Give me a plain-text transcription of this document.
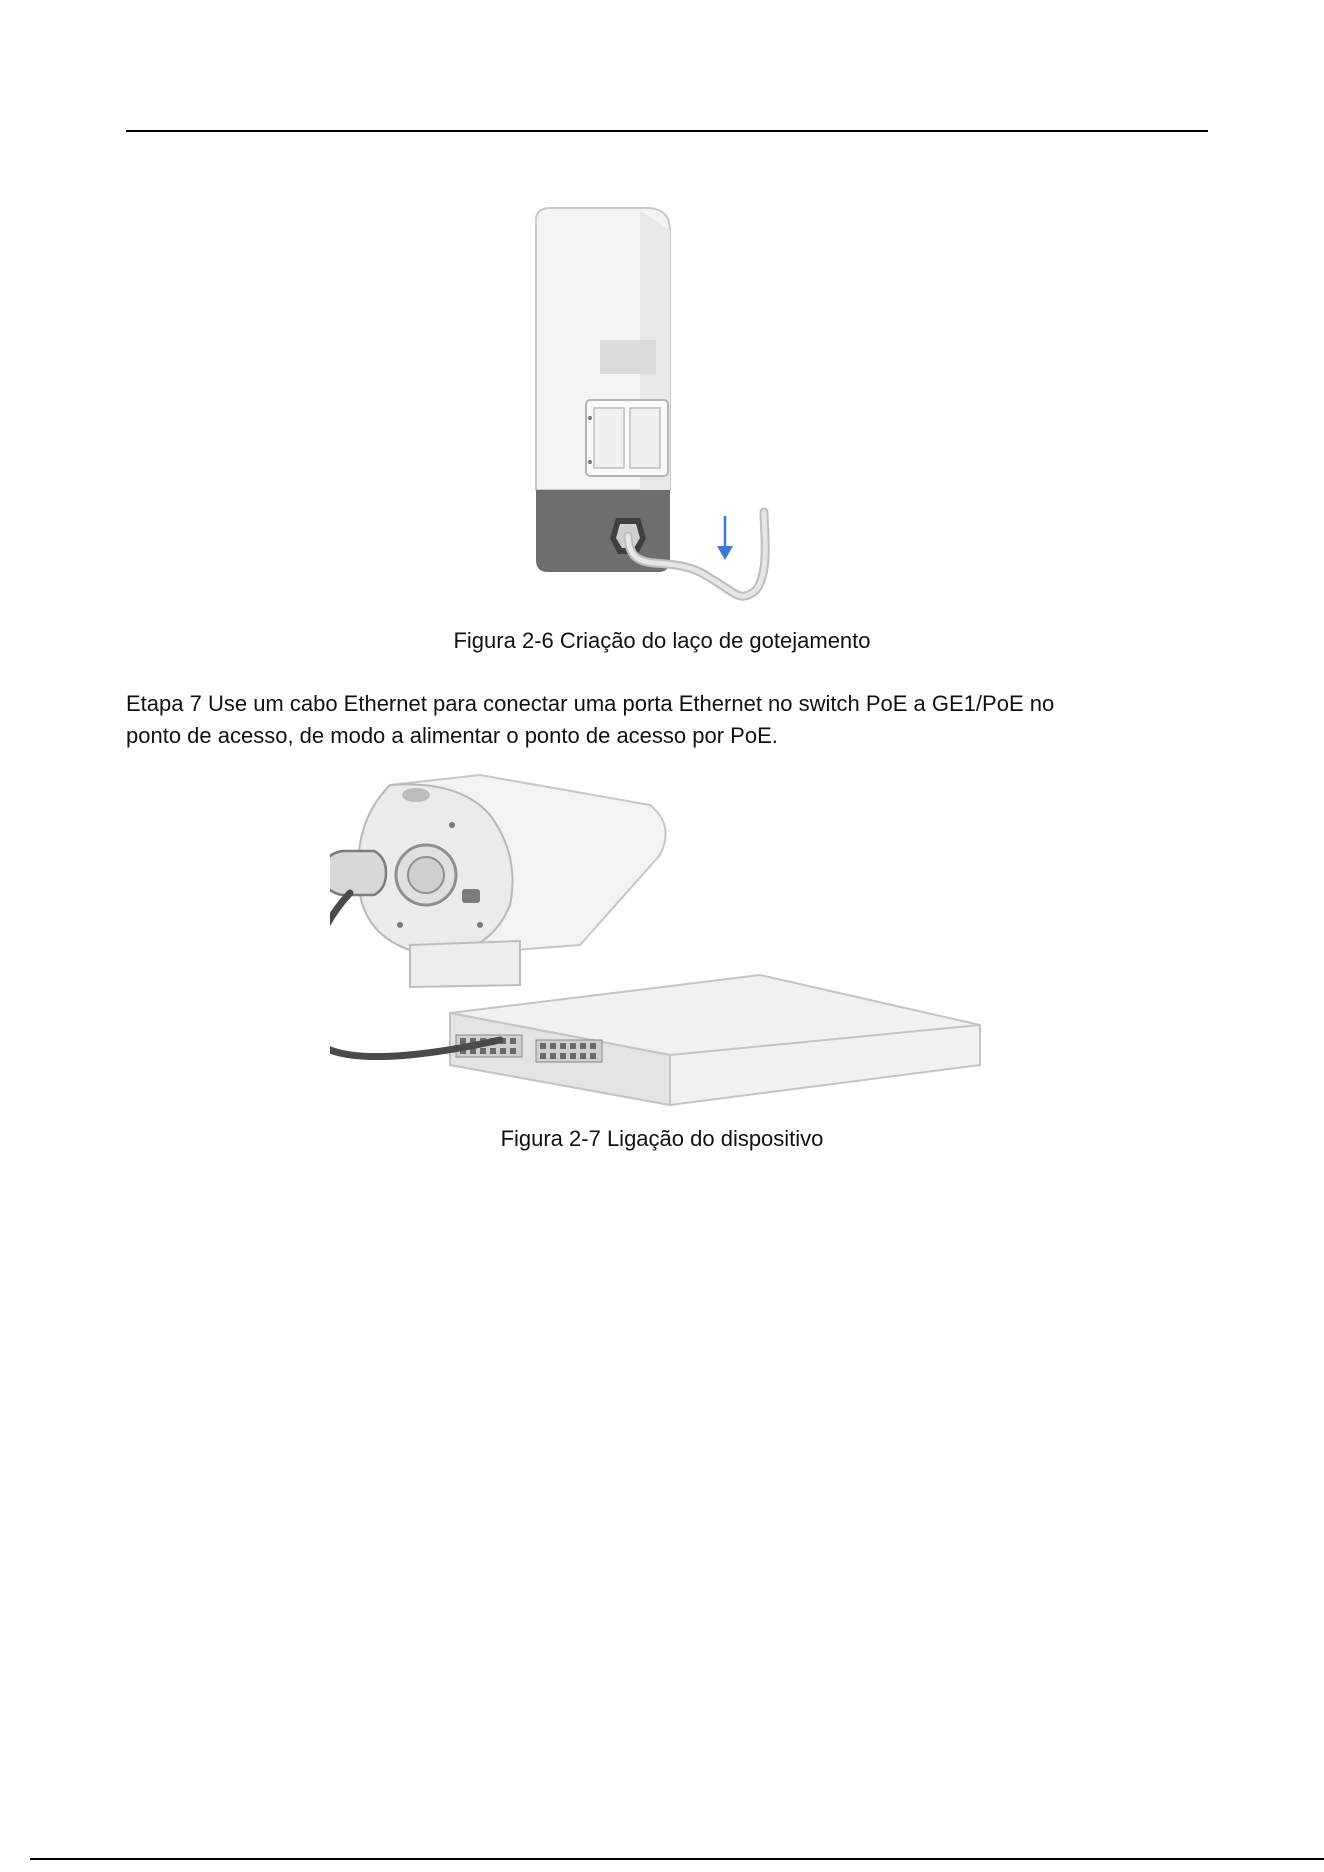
Figura 2-6 Criação do laço de gotejamento
Etapa 7 Use um cabo Ethernet para conectar uma porta Ethernet no switch PoE a GE1/PoE no
ponto de acesso, de modo a alimentar o ponto de acesso por PoE.
Figura 2-7 Ligação do dispositivo
